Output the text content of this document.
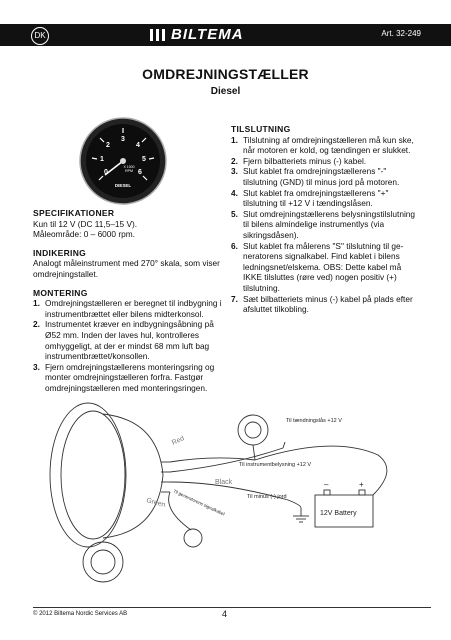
DK	BILTEMA	Art. 32-249
OMDREJNINGSTÆLLER
Diesel
0
1
2
3
4
5
6
X 1000
RPM
DIESEL
SPECIFIKATIONER

Kun til 12 V (DC 11,5–15 V).

Måleområde: 0 – 6000 rpm.

INDIKERING

Analogt måleinstrument med 270° skala, som viser omdrejningstallet.

MONTERING
1. Omdrejningstælleren er beregnet til indbygning i instrumentbrættet eller bilens midterkonsol.
2. Instrumentet kræver en indbygningsåbning på Ø52 mm. Inden der laves hul, kontrolleres omhyggeligt, at der er mindst 68 mm luft bag instrumentbrættet/konsollen.
3. Fjern omdrejningstællerens monteringsring og monter omdrejningstælleren forfra. Fastgør omdrejningstælleren med monteringsringen.
TILSLUTNING
1. Tilslutning af omdrejningstælleren må kun ske, når motoren er kold, og tændingen er slukket.
2. Fjern bilbatteriets minus (-) kabel.
3. Slut kablet fra omdrejningstællerens "-" tilslutning (GND) til minus jord på motoren.
4. Slut kablet fra omdrejningstællerens "+" tilslutning til +12 V i tændingslåsen.
5. Slut omdrejningstællerens belysningstilslutning til bilens almindelige instrumentlys (via sikringsdåsen).
6. Slut kablet fra målerens "S" tilslutning til generatorens signalkabel. Find kablet i bilens ledningsnet/elskema. OBS: Dette kabel må IKKE tilsluttes (røre ved) nogen positiv (+) tilslutning.
7. Sæt bilbatteriets minus (-) kabel på plads efter afsluttet tilkobling.
Til tændningslås +12 V
Til instrumentbelysning +12 V
Til minus (-) jord
Til generatorens signalkabel	12V Battery
–	+
Red
Black
Green
© 2012 Biltema Nordic Services AB	4
